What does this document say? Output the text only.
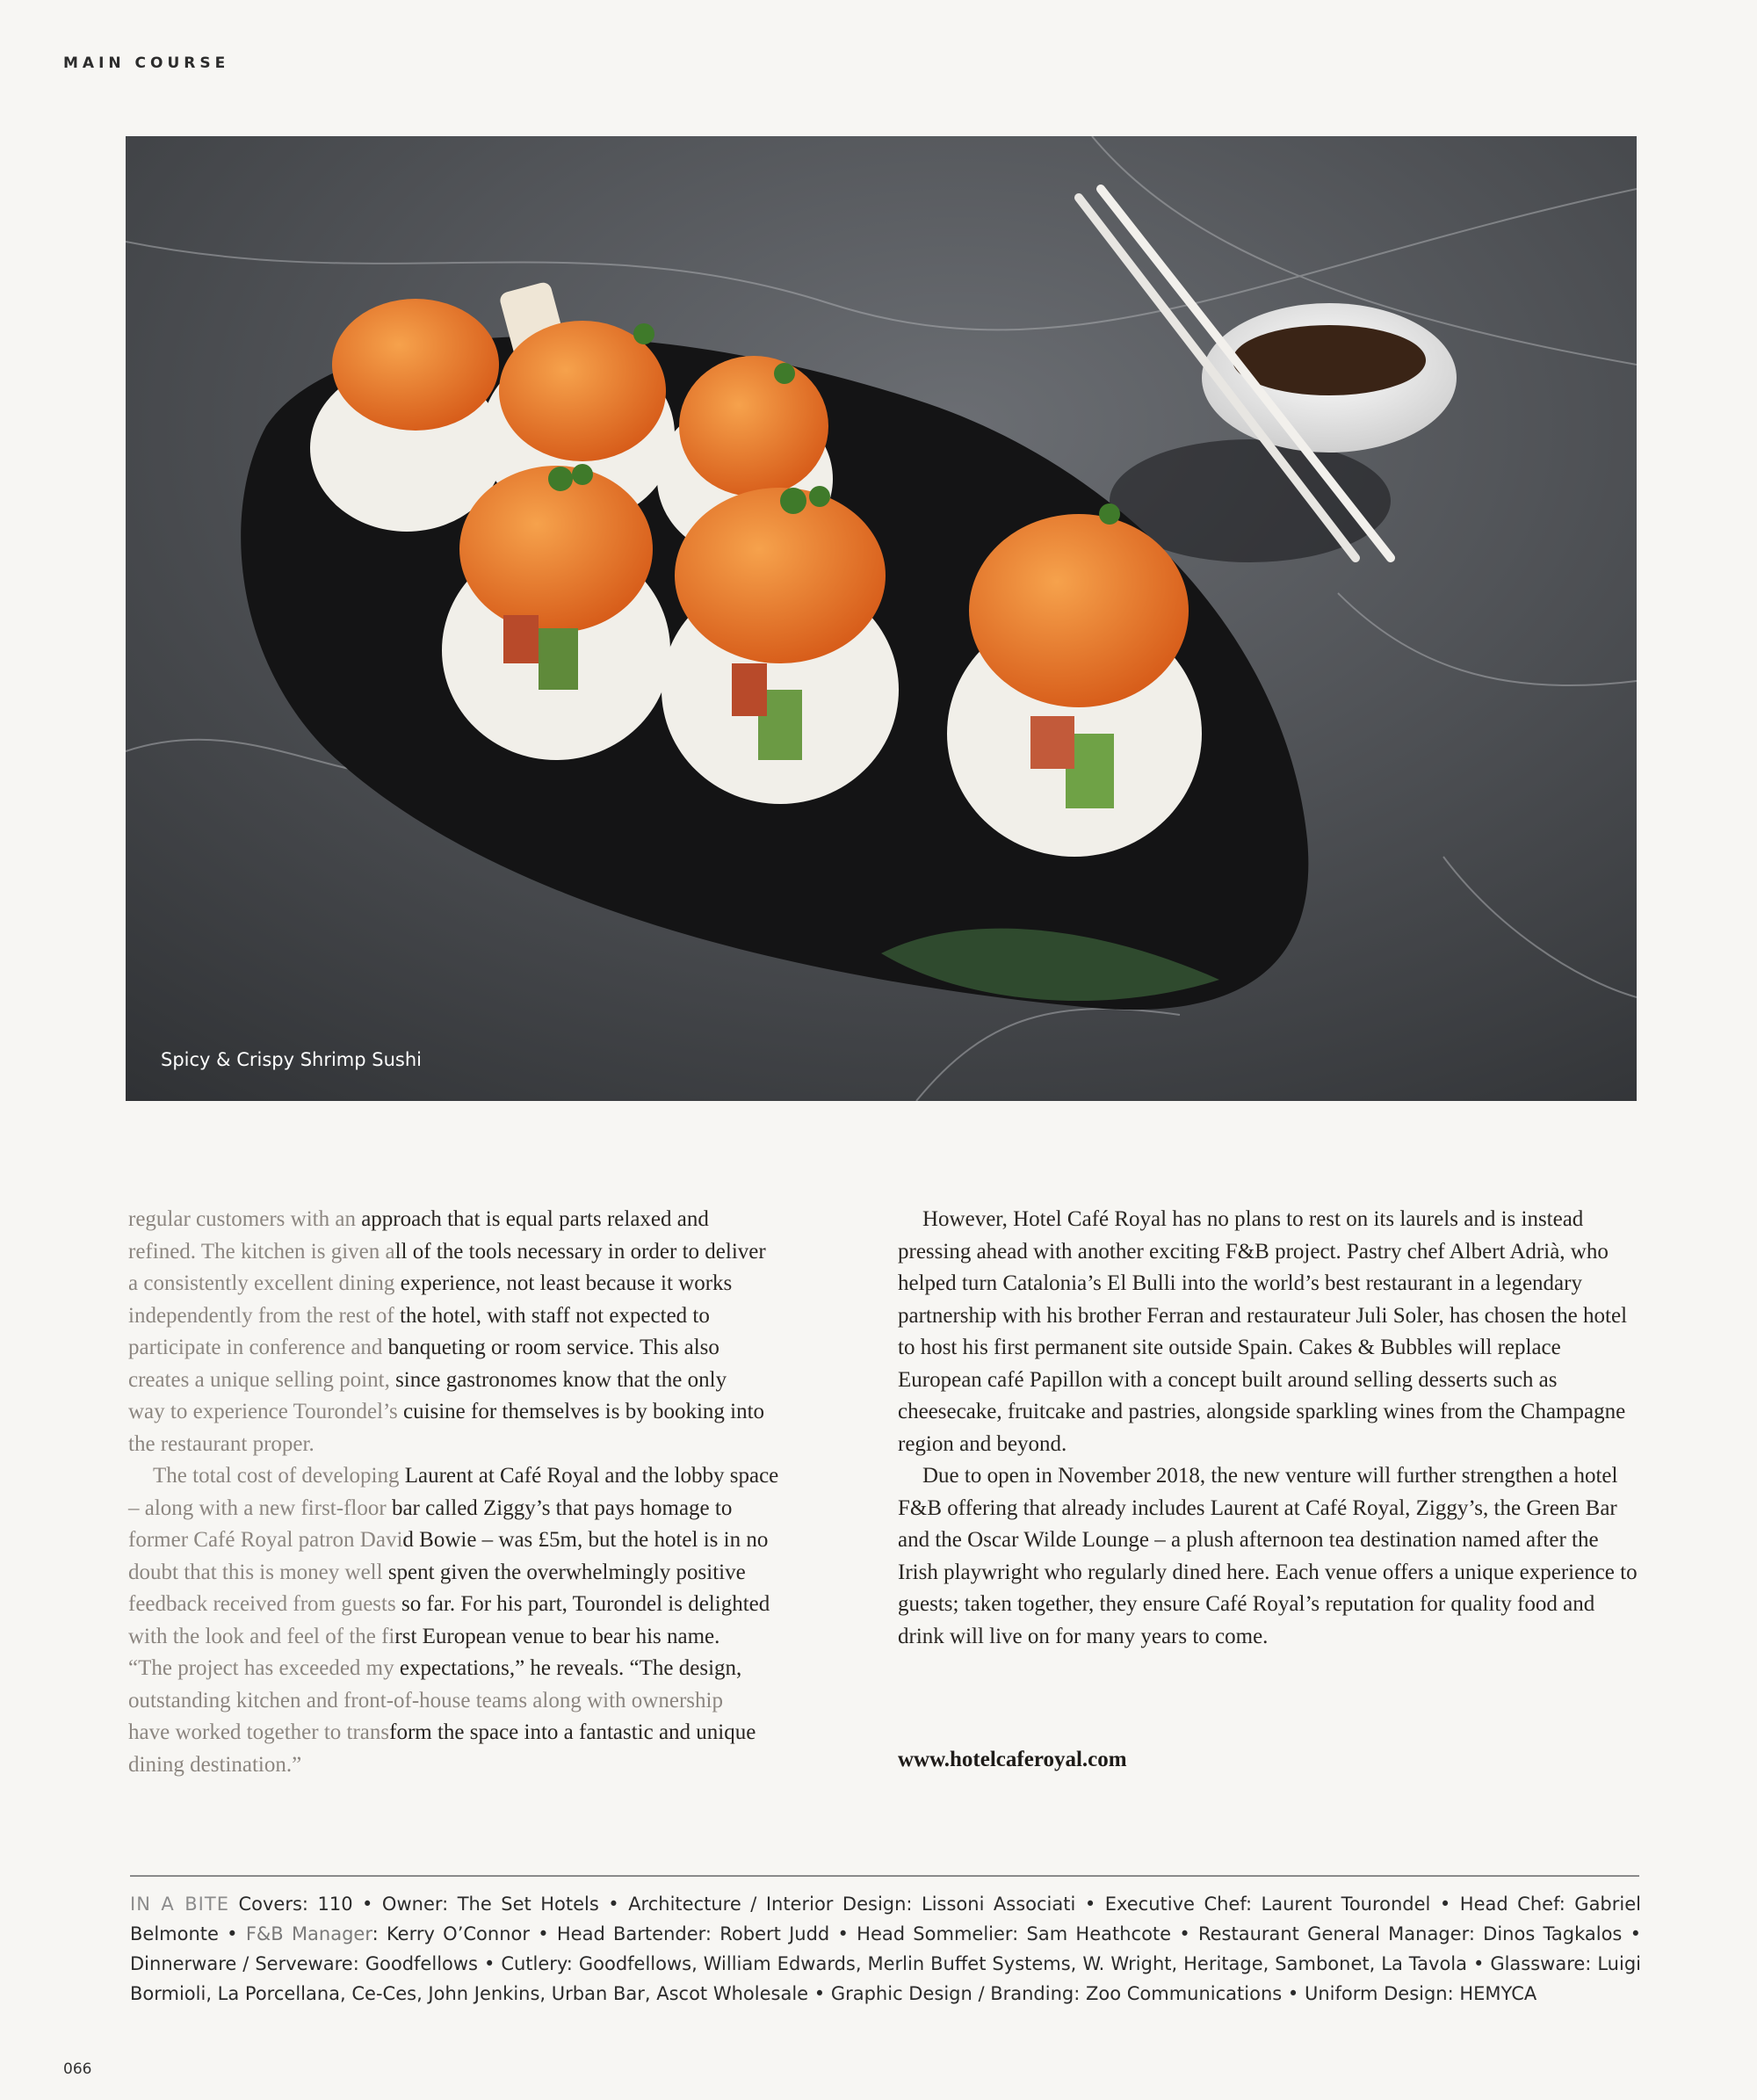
MAIN COURSE
Spicy & Crispy Shrimp Sushi

regular customers with an approach that is equal parts relaxed and
refined. The kitchen is given all of the tools necessary in order to deliver
a consistently excellent dining experience, not least because it works
independently from the rest of the hotel, with staff not expected to
participate in conference and banqueting or room service. This also
creates a unique selling point, since gastronomes know that the only
way to experience Tourondel’s cuisine for themselves is by booking into
the restaurant proper.

The total cost of developing Laurent at Café Royal and the lobby space
– along with a new first-floor bar called Ziggy’s that pays homage to
former Café Royal patron David Bowie – was £5m, but the hotel is in no
doubt that this is money well spent given the overwhelmingly positive
feedback received from guests so far. For his part, Tourondel is delighted
with the look and feel of the first European venue to bear his name.
“The project has exceeded my expectations,” he reveals. “The design,
outstanding kitchen and front-of-house teams along with ownership
have worked together to transform the space into a fantastic and unique
dining destination.”

However, Hotel Café Royal has no plans to rest on its laurels and is instead pressing ahead with another exciting F&B project. Pastry chef Albert Adrià, who helped turn Catalonia’s El Bulli into the world’s best restaurant in a legendary partnership with his brother Ferran and restaurateur Juli Soler, has chosen the hotel to host his first permanent site outside Spain. Cakes & Bubbles will replace European café Papillon with a concept built around selling desserts such as cheesecake, fruitcake and pastries, alongside sparkling wines from the Champagne region and beyond.

Due to open in November 2018, the new venture will further strengthen a hotel F&B offering that already includes Laurent at Café Royal, Ziggy’s, the Green Bar and the Oscar Wilde Lounge – a plush afternoon tea destination named after the Irish playwright who regularly dined here. Each venue offers a unique experience to guests; taken together, they ensure Café Royal’s reputation for quality food and drink will live on for many years to come.

www.hotelcaferoyal.com
IN A BITE Covers: 110 • Owner: The Set Hotels • Architecture / Interior Design: Lissoni Associati • Executive Chef: Laurent Tourondel • Head Chef: Gabriel Belmonte • F&B Manager: Kerry O’Connor • Head Bartender: Robert Judd • Head Sommelier: Sam Heathcote • Restaurant General Manager: Dinos Tagkalos • Dinnerware / Serveware: Goodfellows • Cutlery: Goodfellows, William Edwards, Merlin Buffet Systems, W. Wright, Heritage, Sambonet, La Tavola • Glassware: Luigi Bormioli, La Porcellana, Ce-Ces, John Jenkins, Urban Bar, Ascot Wholesale • Graphic Design / Branding: Zoo Communications • Uniform Design: HEMYCA
066
